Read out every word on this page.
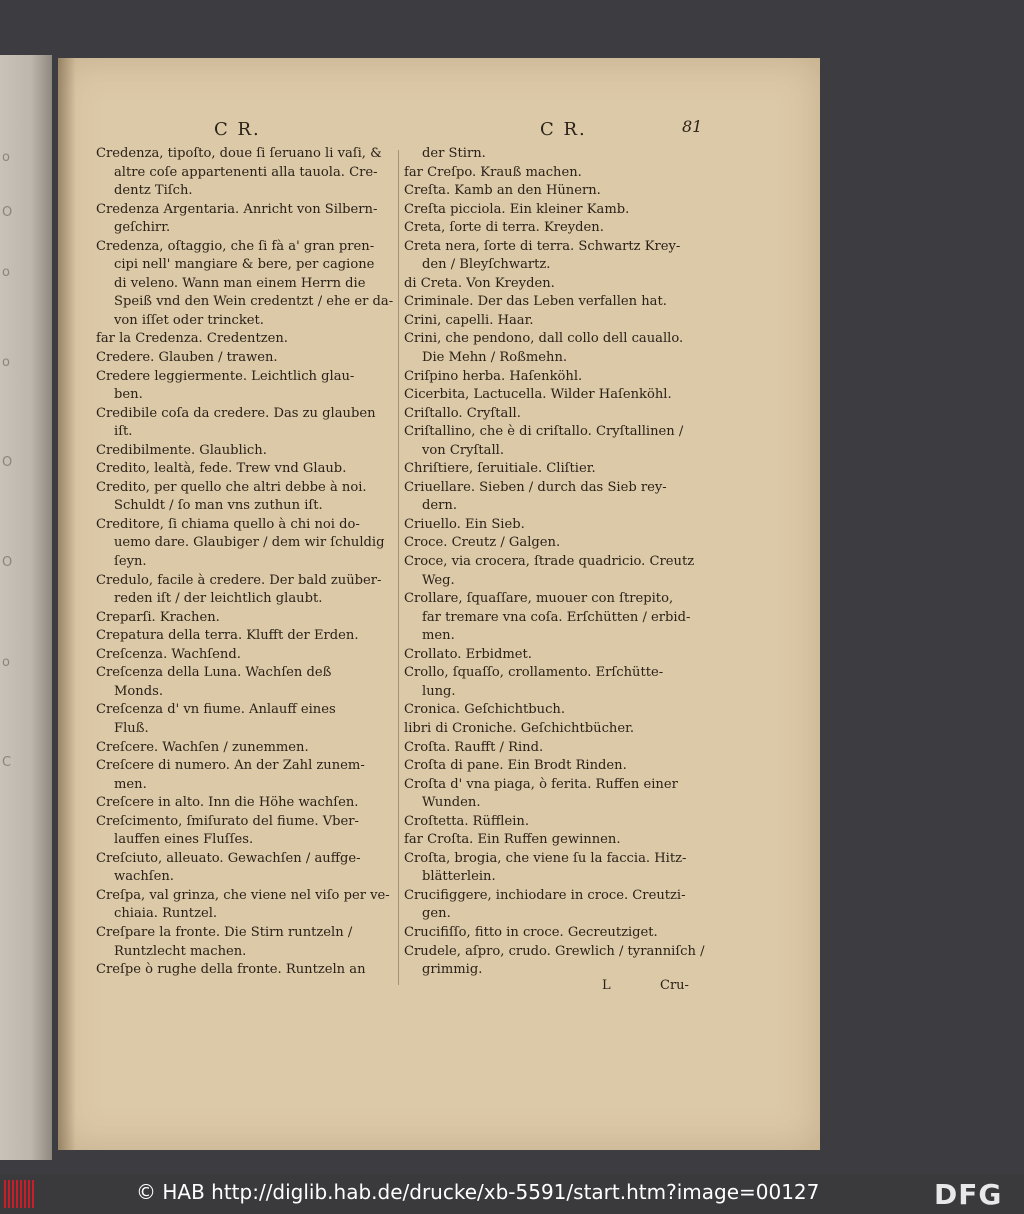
o
O
o
o
O
O
o
C
C R.	C R.	81
Credenza, tipoſto, doue ſi ſeruano li vaſi, &
altre coſe appartenenti alla tauola. Cre-
dentz Tiſch.
Credenza Argentaria. Anricht von Silbern-
geſchirr.
Credenza, oſtaggio, che ſi fà a' gran pren-
cipi nell' mangiare & bere, per cagione
di veleno. Wann man einem Herrn die
Speiß vnd den Wein credentzt / ehe er da-
von iſſet oder trincket.
far la Credenza. Credentzen.
Credere. Glauben / trawen.
Credere leggiermente. Leichtlich glau-
ben.
Credibile coſa da credere. Das zu glauben
iſt.
Credibilmente. Glaublich.
Credito, lealtà, fede. Trew vnd Glaub.
Credito, per quello che altri debbe à noi.
Schuldt / ſo man vns zuthun iſt.
Creditore, ſi chiama quello à chi noi do-
uemo dare. Glaubiger / dem wir ſchuldig
ſeyn.
Credulo, facile à credere. Der bald zuüber-
reden iſt / der leichtlich glaubt.
Creparſi. Krachen.
Crepatura della terra. Klufft der Erden.
Creſcenza. Wachſend.
Creſcenza della Luna. Wachſen deß
Monds.
Creſcenza d' vn fiume. Anlauff eines
Fluß.
Creſcere. Wachſen / zunemmen.
Creſcere di numero. An der Zahl zunem-
men.
Creſcere in alto. Inn die Höhe wachſen.
Creſcimento, ſmiſurato del fiume. Vber-
lauffen eines Fluſſes.
Creſciuto, alleuato. Gewachſen / auffge-
wachſen.
Creſpa, val grinza, che viene nel viſo per ve-
chiaia. Runtzel.
Creſpare la fronte. Die Stirn runtzeln /
Runtzlecht machen.
Creſpe ò rughe della fronte. Runtzeln an
der Stirn.
far Creſpo. Krauß machen.
Creſta. Kamb an den Hünern.
Creſta picciola. Ein kleiner Kamb.
Creta, ſorte di terra. Kreyden.
Creta nera, ſorte di terra. Schwartz Krey-
den / Bleyſchwartz.
di Creta. Von Kreyden.
Criminale. Der das Leben verfallen hat.
Crini, capelli. Haar.
Crini, che pendono, dall collo dell cauallo.
Die Mehn / Roßmehn.
Criſpino herba. Haſenköhl.
Cicerbita, Lactucella. Wilder Haſenköhl.
Criſtallo. Cryſtall.
Criſtallino, che è di criſtallo. Cryſtallinen /
von Cryſtall.
Chriſtiere, ſeruitiale. Cliſtier.
Criuellare. Sieben / durch das Sieb rey-
dern.
Criuello. Ein Sieb.
Croce. Creutz / Galgen.
Croce, via crocera, ſtrade quadricio. Creutz
Weg.
Crollare, ſquaſſare, muouer con ſtrepito,
far tremare vna coſa. Erſchütten / erbid-
men.
Crollato. Erbidmet.
Crollo, ſquaſſo, crollamento. Erſchütte-
lung.
Cronica. Geſchichtbuch.
libri di Croniche. Geſchichtbücher.
Croſta. Raufft / Rind.
Croſta di pane. Ein Brodt Rinden.
Croſta d' vna piaga, ò ferita. Ruffen einer
Wunden.
Croſtetta. Rüfflein.
far Croſta. Ein Ruffen gewinnen.
Croſta, brogia, che viene ſu la faccia. Hitz-
blätterlein.
Crucifiggere, inchiodare in croce. Creutzi-
gen.
Crucifiſſo, fitto in croce. Gecreutziget.
Crudele, aſpro, crudo. Grewlich / tyranniſch /
grimmig.
L	Cru-
© HAB http://diglib.hab.de/drucke/xb-5591/start.htm?image=00127	DFG
